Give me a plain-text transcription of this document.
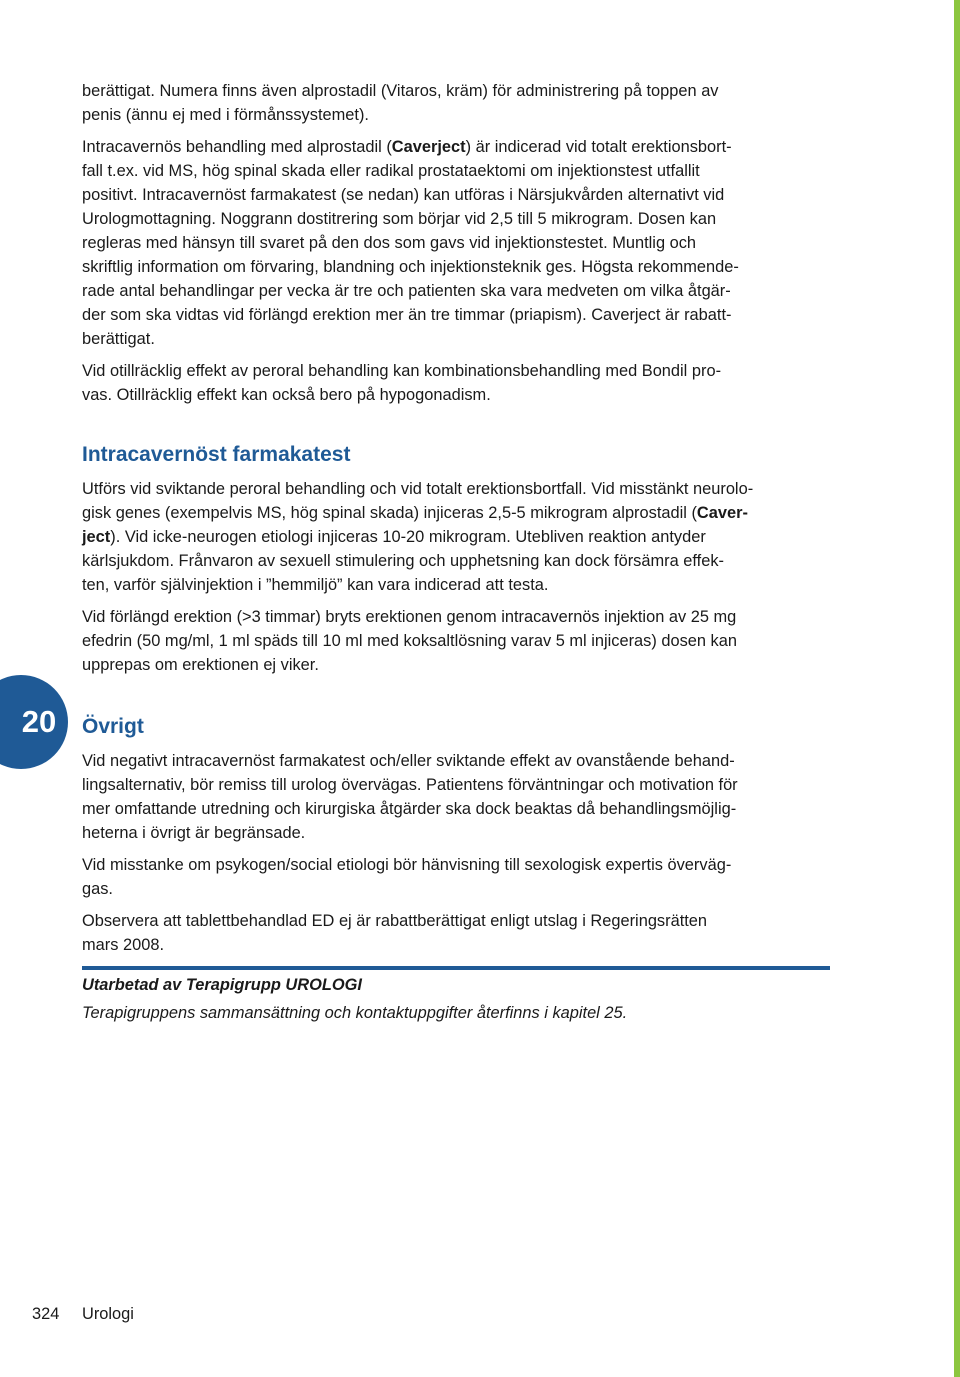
berättigat. Numera finns även alprostadil (Vitaros, kräm) för administrering på toppen av
penis (ännu ej med i förmånssystemet).

Intracavernös behandling med alprostadil (Caverject) är indicerad vid totalt erektionsbort-
fall t.ex. vid MS, hög spinal skada eller radikal prostataektomi om injektionstest utfallit
positivt. Intracavernöst farmakatest (se nedan) kan utföras i Närsjukvården alternativt vid
Urologmottagning. Noggrann dostitrering som börjar vid 2,5 till 5 mikrogram. Dosen kan
regleras med hänsyn till svaret på den dos som gavs vid injektionstestet. Muntlig och
skriftlig information om förvaring, blandning och injektionsteknik ges. Högsta rekommende-
rade antal behandlingar per vecka är tre och patienten ska vara medveten om vilka åtgär-
der som ska vidtas vid förlängd erektion mer än tre timmar (priapism). Caverject är rabatt-
berättigat.

Vid otillräcklig effekt av peroral behandling kan kombinationsbehandling med Bondil pro-
vas. Otillräcklig effekt kan också bero på hypogonadism.

Intracavernöst farmakatest

Utförs vid sviktande peroral behandling och vid totalt erektionsbortfall. Vid misstänkt neurolo-
gisk genes (exempelvis MS, hög spinal skada) injiceras 2,5-5 mikrogram alprostadil (Caver-
ject). Vid icke-neurogen etiologi injiceras 10-20 mikrogram. Utebliven reaktion antyder
kärlsjukdom. Frånvaron av sexuell stimulering och upphetsning kan dock försämra effek-
ten, varför självinjektion i ”hemmiljö” kan vara indicerad att testa.

Vid förlängd erektion (>3 timmar) bryts erektionen genom intracavernös injektion av 25 mg
efedrin (50 mg/ml, 1 ml späds till 10 ml med koksaltlösning varav 5 ml injiceras) dosen kan
upprepas om erektionen ej viker.

Övrigt

Vid negativt intracavernöst farmakatest och/eller sviktande effekt av ovanstående behand-
lingsalternativ, bör remiss till urolog övervägas. Patientens förväntningar och motivation för
mer omfattande utredning och kirurgiska åtgärder ska dock beaktas då behandlingsmöjlig-
heterna i övrigt är begränsade.

Vid misstanke om psykogen/social etiologi bör hänvisning till sexologisk expertis överväg-
gas.

Observera att tablettbehandlad ED ej är rabattberättigat enligt utslag i Regeringsrätten
mars 2008.

20
Utarbetad av Terapigrupp UROLOGI
Terapigruppens sammansättning och kontaktuppgifter återfinns i kapitel 25.
324 Urologi
